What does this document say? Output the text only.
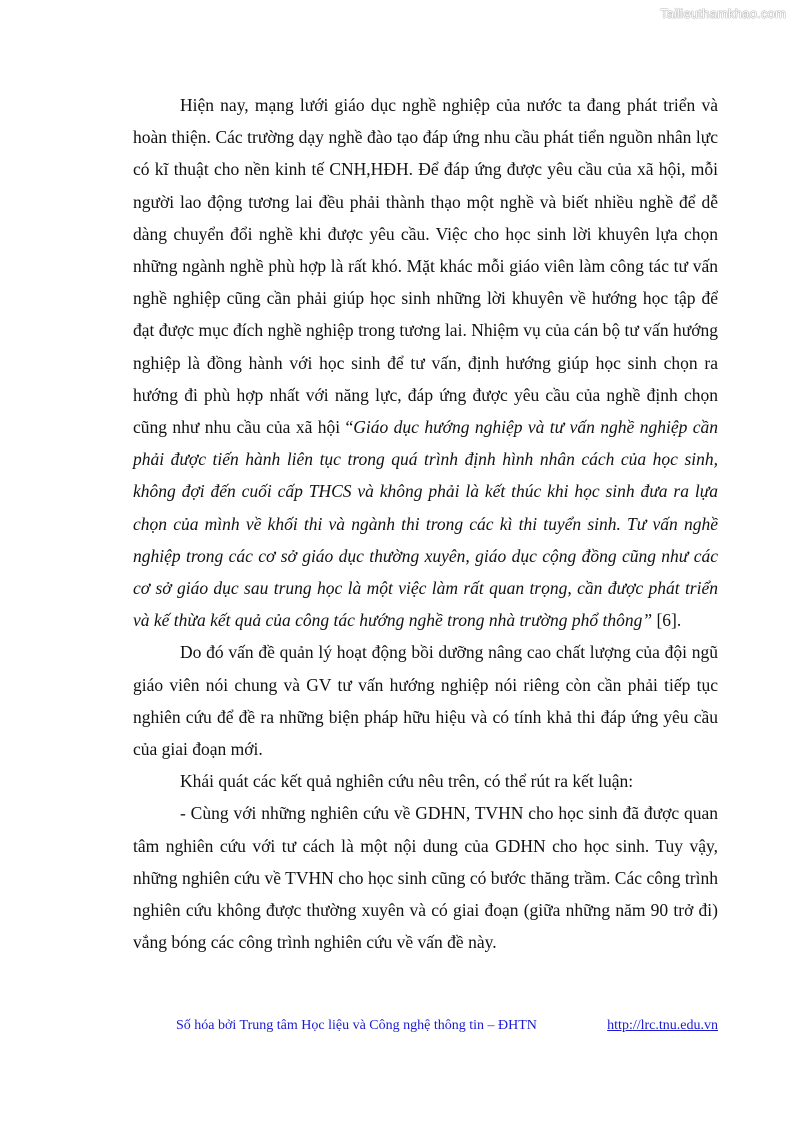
Tailieuthamkhao.com

Hiện nay, mạng lưới giáo dục nghề nghiệp của nước ta đang phát triển và hoàn thiện. Các trường dạy nghề đào tạo đáp ứng nhu cầu phát tiển nguồn nhân lực có kĩ thuật cho nền kinh tế CNH,HĐH. Để đáp ứng được yêu cầu của xã hội, mỗi người lao động tương lai đều phải thành thạo một nghề và biết nhiều nghề để dễ dàng chuyển đổi nghề khi được yêu cầu. Việc cho học sinh lời khuyên lựa chọn những ngành nghề phù hợp là rất khó. Mặt khác mỗi giáo viên làm công tác tư vấn nghề nghiệp cũng cần phải giúp học sinh những lời khuyên về hướng học tập để đạt được mục đích nghề nghiệp trong tương lai. Nhiệm vụ của cán bộ tư vấn hướng nghiệp là đồng hành với học sinh để tư vấn, định hướng giúp học sinh chọn ra hướng đi phù hợp nhất với năng lực, đáp ứng được yêu cầu của nghề định chọn cũng như nhu cầu của xã hội “Giáo dục hướng nghiệp và tư vấn nghề nghiệp cần phải được tiến hành liên tục trong quá trình định hình nhân cách của học sinh, không đợi đến cuối cấp THCS và không phải là kết thúc khi học sinh đưa ra lựa chọn của mình về khối thi và ngành thi trong các kì thi tuyển sinh. Tư vấn nghề nghiệp trong các cơ sở giáo dục thường xuyên, giáo dục cộng đồng cũng như các cơ sở giáo dục sau trung học là một việc làm rất quan trọng, cần được phát triển và kế thừa kết quả của công tác hướng nghề trong nhà trường phổ thông” [6].

Do đó vấn đề quản lý hoạt động bồi dưỡng nâng cao chất lượng của đội ngũ giáo viên nói chung và GV tư vấn hướng nghiệp nói riêng còn cần phải tiếp tục nghiên cứu để đề ra những biện pháp hữu hiệu và có tính khả thi đáp ứng yêu cầu của giai đoạn mới.

Khái quát các kết quả nghiên cứu nêu trên, có thể rút ra kết luận:

- Cùng với những nghiên cứu về GDHN, TVHN cho học sinh đã được quan tâm nghiên cứu với tư cách là một nội dung của GDHN cho học sinh. Tuy vậy, những nghiên cứu về TVHN cho học sinh cũng có bước thăng trầm. Các công trình nghiên cứu không được thường xuyên và có giai đoạn (giữa những năm 90 trở đi) vắng bóng các công trình nghiên cứu về vấn đề này.

Số hóa bởi Trung tâm Học liệu và Công nghệ thông tin – ĐHTN	http://lrc.tnu.edu.vn
